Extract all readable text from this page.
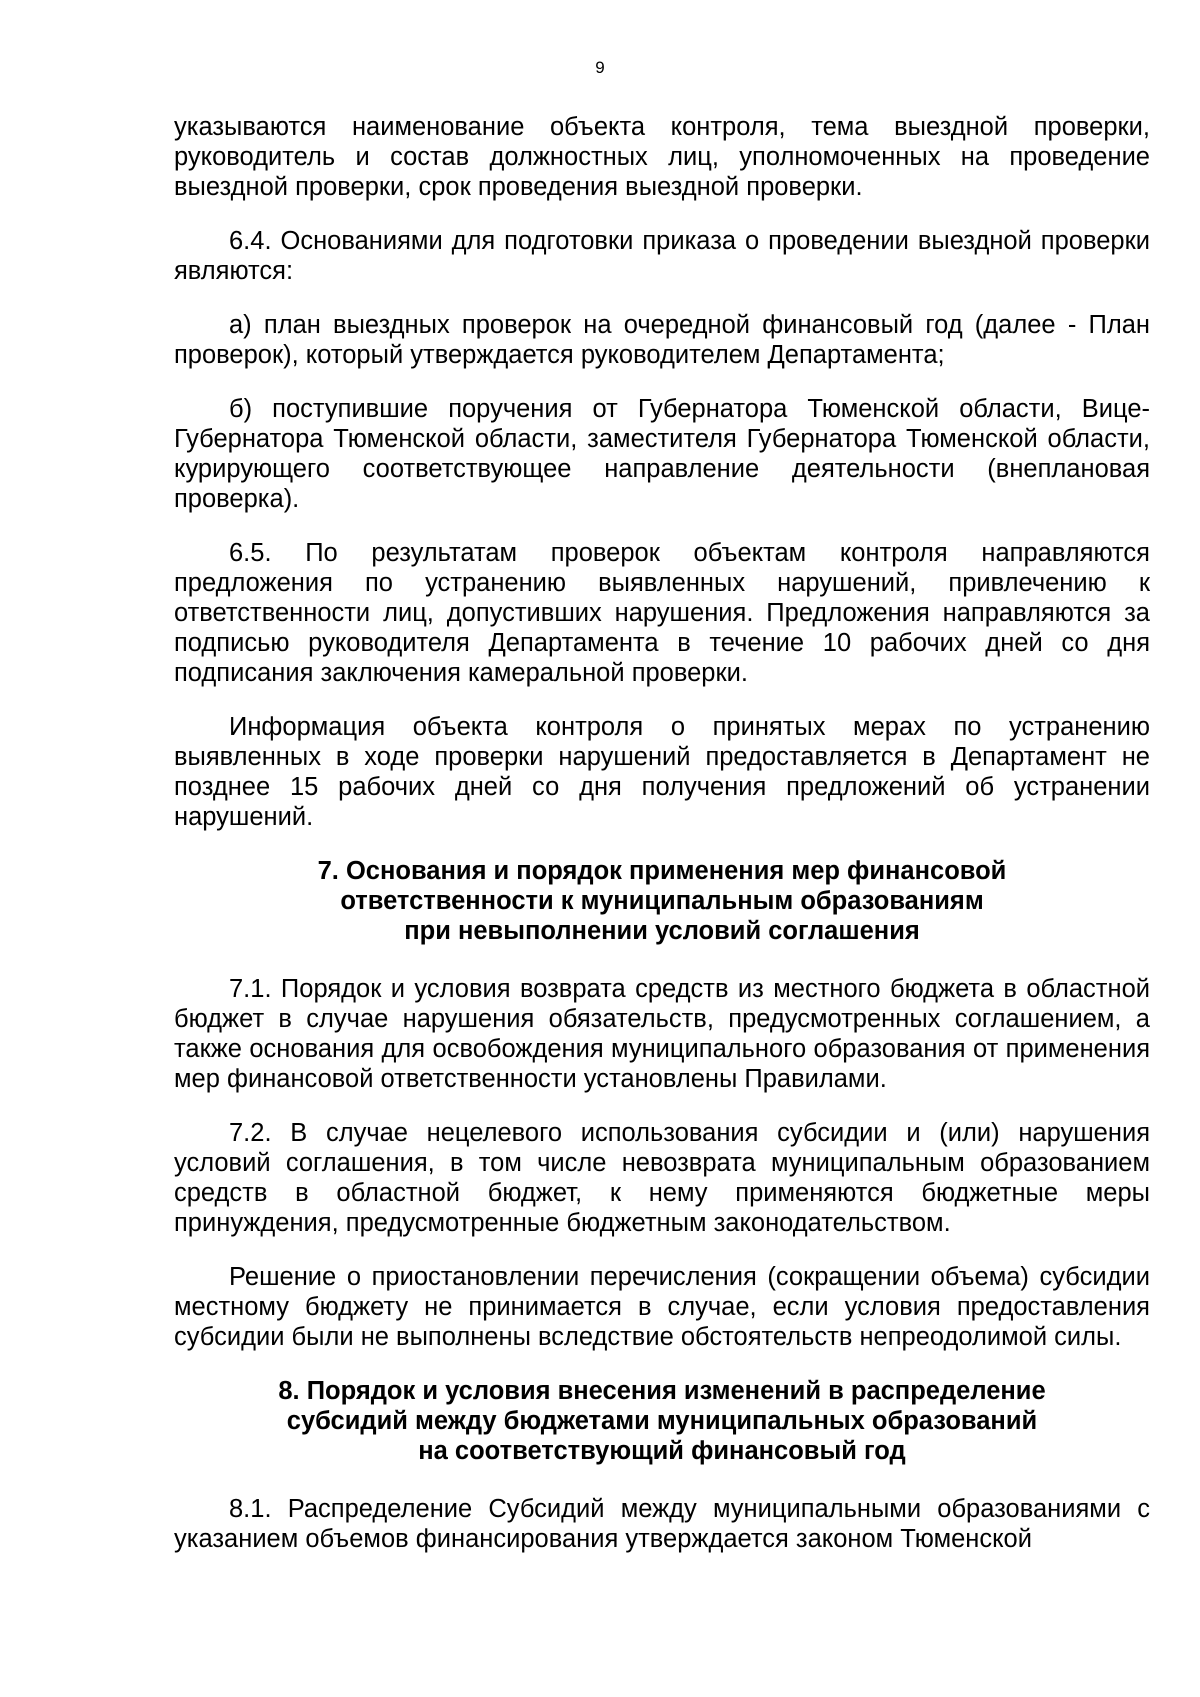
9

указываются наименование объекта контроля, тема выездной проверки, руководитель и состав должностных лиц, уполномоченных на проведение выездной проверки, срок проведения выездной проверки.

6.4. Основаниями для подготовки приказа о проведении выездной проверки являются:

а) план выездных проверок на очередной финансовый год (далее - План проверок), который утверждается руководителем Департамента;

б) поступившие поручения от Губернатора Тюменской области, Вице-Губернатора Тюменской области, заместителя Губернатора Тюменской области, курирующего соответствующее направление деятельности (внеплановая проверка).

6.5. По результатам проверок объектам контроля направляются предложения по устранению выявленных нарушений, привлечению к ответственности лиц, допустивших нарушения. Предложения направляются за подписью руководителя Департамента в течение 10 рабочих дней со дня подписания заключения камеральной проверки.

Информация объекта контроля о принятых мерах по устранению выявленных в ходе проверки нарушений предоставляется в Департамент не позднее 15 рабочих дней со дня получения предложений об устранении нарушений.

7. Основания и порядок применения мер финансовой
ответственности к муниципальным образованиям
при невыполнении условий соглашения

7.1. Порядок и условия возврата средств из местного бюджета в областной бюджет в случае нарушения обязательств, предусмотренных соглашением, а также основания для освобождения муниципального образования от применения мер финансовой ответственности установлены Правилами.

7.2. В случае нецелевого использования субсидии и (или) нарушения условий соглашения, в том числе невозврата муниципальным образованием средств в областной бюджет, к нему применяются бюджетные меры принуждения, предусмотренные бюджетным законодательством.

Решение о приостановлении перечисления (сокращении объема) субсидии местному бюджету не принимается в случае, если условия предоставления субсидии были не выполнены вследствие обстоятельств непреодолимой силы.

8. Порядок и условия внесения изменений в распределение
субсидий между бюджетами муниципальных образований
на соответствующий финансовый год

8.1. Распределение Субсидий между муниципальными образованиями с указанием объемов финансирования утверждается законом Тюменской
